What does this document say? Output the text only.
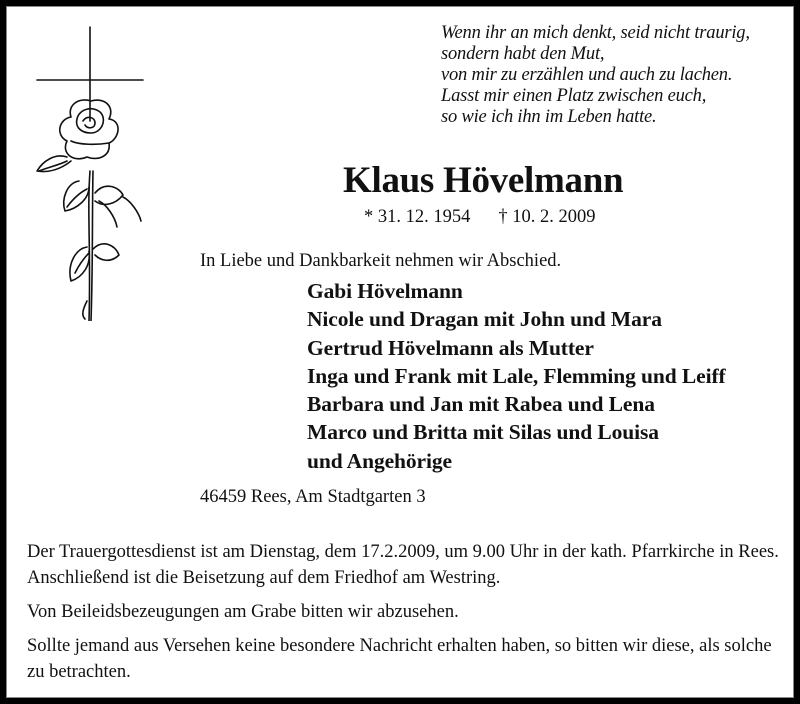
Wenn ihr an mich denkt, seid nicht traurig,
sondern habt den Mut,
von mir zu erzählen und auch zu lachen.
Lasst mir einen Platz zwischen euch,
so wie ich ihn im Leben hatte.
Klaus Hövelmann
* 31. 12. 1954 † 10. 2. 2009
In Liebe und Dankbarkeit nehmen wir Abschied.
Gabi Hövelmann
Nicole und Dragan mit John und Mara
Gertrud Hövelmann als Mutter
Inga und Frank mit Lale, Flemming und Leiff
Barbara und Jan mit Rabea und Lena
Marco und Britta mit Silas und Louisa
und Angehörige
46459 Rees, Am Stadtgarten 3

Der Trauergottesdienst ist am Dienstag, dem 17.2.2009, um 9.00 Uhr in der kath. Pfarrkirche in Rees. Anschließend ist die Beisetzung auf dem Friedhof am Westring.

Von Beileidsbezeugungen am Grabe bitten wir abzusehen.

Sollte jemand aus Versehen keine besondere Nachricht erhalten haben, so bitten wir diese, als solche zu betrachten.
